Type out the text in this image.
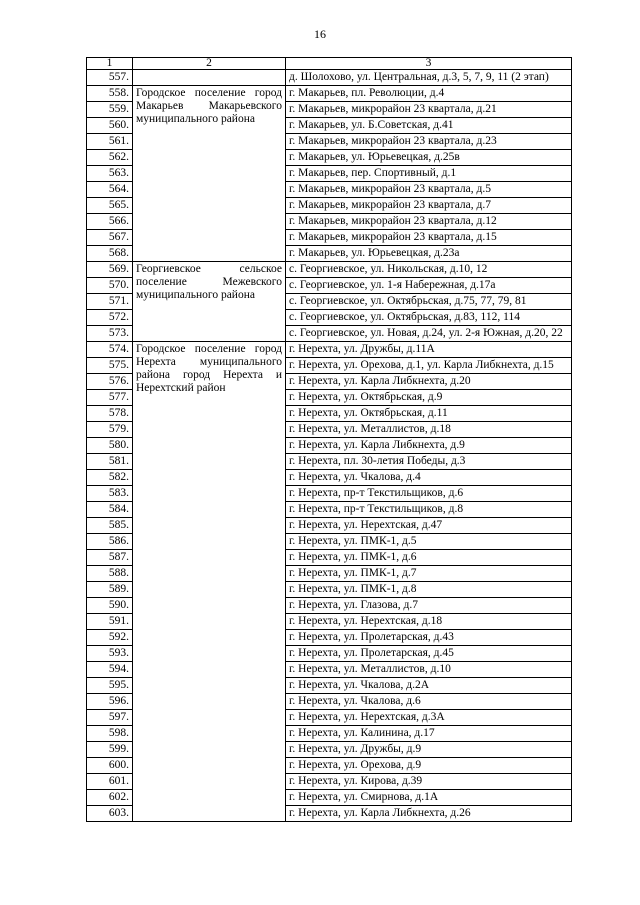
16
1	2	3
557.		д. Шолохово, ул. Центральная, д.3, 5, 7, 9, 11 (2 этап)
558.	Городское поселение город Макарьев Макарьевского муниципального района	г. Макарьев, пл. Революции, д.4
559.		г. Макарьев, микрорайон 23 квартала, д.21
560.		г. Макарьев, ул. Б.Советская, д.41
561.		г. Макарьев, микрорайон 23 квартала, д.23
562.		г. Макарьев, ул. Юрьевецкая, д.25в
563.		г. Макарьев, пер. Спортивный, д.1
564.		г. Макарьев, микрорайон 23 квартала, д.5
565.		г. Макарьев, микрорайон 23 квартала, д.7
566.		г. Макарьев, микрорайон 23 квартала, д.12
567.		г. Макарьев, микрорайон 23 квартала, д.15
568.		г. Макарьев, ул. Юрьевецкая, д.23а
569.	Георгиевское сельское поселение Межевского муниципального района	с. Георгиевское, ул. Никольская, д.10, 12
570.		с. Георгиевское, ул. 1-я Набережная, д.17а
571.		с. Георгиевское, ул. Октябрьская, д.75, 77, 79, 81
572.		с. Георгиевское, ул. Октябрьская, д.83, 112, 114
573.		с. Георгиевское, ул. Новая, д.24, ул. 2-я Южная, д.20, 22
574.	Городское поселение город Нерехта муниципального района город Нерехта и Нерехтский район	г. Нерехта, ул. Дружбы, д.11А
575.		г. Нерехта, ул. Орехова, д.1, ул. Карла Либкнехта, д.15
576.		г. Нерехта, ул. Карла Либкнехта, д.20
577.		г. Нерехта, ул. Октябрьская, д.9
578.		г. Нерехта, ул. Октябрьская, д.11
579.		г. Нерехта, ул. Металлистов, д.18
580.		г. Нерехта, ул. Карла Либкнехта, д.9
581.		г. Нерехта, пл. 30-летия Победы, д.3
582.		г. Нерехта, ул. Чкалова, д.4
583.		г. Нерехта, пр-т Текстильщиков, д.6
584.		г. Нерехта, пр-т Текстильщиков, д.8
585.		г. Нерехта, ул. Нерехтская, д.47
586.		г. Нерехта, ул. ПМК-1, д.5
587.		г. Нерехта, ул. ПМК-1, д.6
588.		г. Нерехта, ул. ПМК-1, д.7
589.		г. Нерехта, ул. ПМК-1, д.8
590.		г. Нерехта, ул. Глазова, д.7
591.		г. Нерехта, ул. Нерехтская, д.18
592.		г. Нерехта, ул. Пролетарская, д.43
593.		г. Нерехта, ул. Пролетарская, д.45
594.		г. Нерехта, ул. Металлистов, д.10
595.		г. Нерехта, ул. Чкалова, д.2А
596.		г. Нерехта, ул. Чкалова, д.6
597.		г. Нерехта, ул. Нерехтская, д.3А
598.		г. Нерехта, ул. Калинина, д.17
599.		г. Нерехта, ул. Дружбы, д.9
600.		г. Нерехта, ул. Орехова, д.9
601.		г. Нерехта, ул. Кирова, д.39
602.		г. Нерехта, ул. Смирнова, д.1А
603.		г. Нерехта, ул. Карла Либкнехта, д.26
